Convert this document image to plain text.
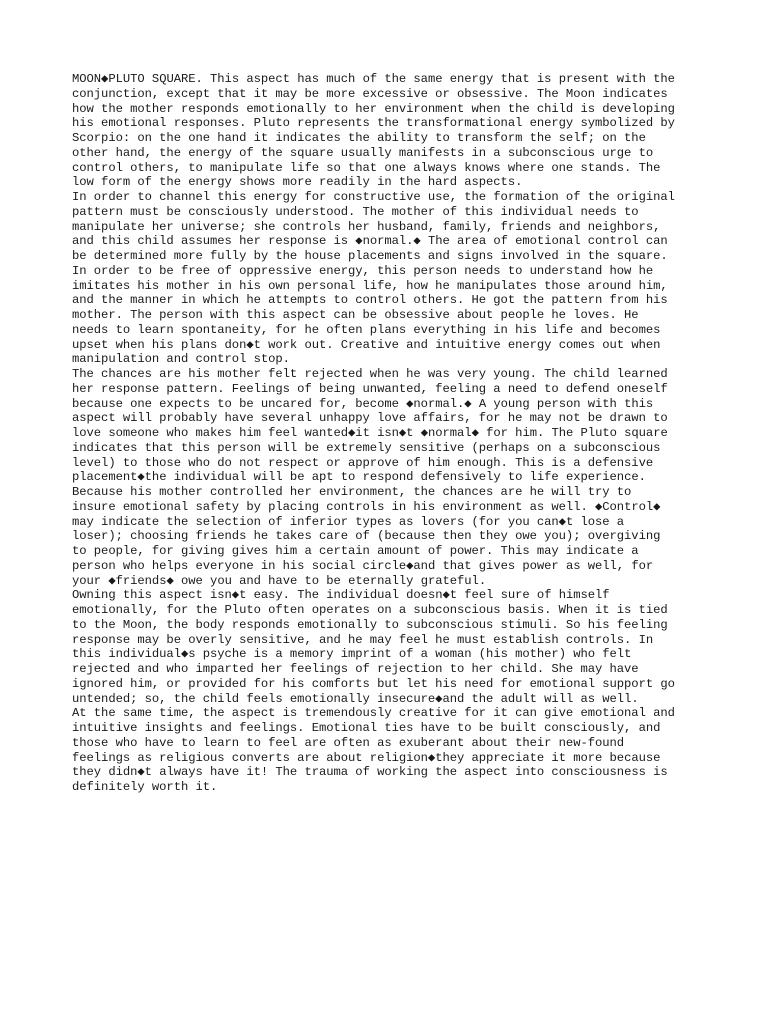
MOON◆PLUTO SQUARE. This aspect has much of the same energy that is present with the
conjunction, except that it may be more excessive or obsessive. The Moon indicates
how the mother responds emotionally to her environment when the child is developing
his emotional responses. Pluto represents the transformational energy symbolized by
Scorpio: on the one hand it indicates the ability to transform the self; on the
other hand, the energy of the square usually manifests in a subconscious urge to
control others, to manipulate life so that one always knows where one stands. The
low form of the energy shows more readily in the hard aspects.
In order to channel this energy for constructive use, the formation of the original
pattern must be consciously understood. The mother of this individual needs to
manipulate her universe; she controls her husband, family, friends and neighbors,
and this child assumes her response is ◆normal.◆ The area of emotional control can
be determined more fully by the house placements and signs involved in the square.
In order to be free of oppressive energy, this person needs to understand how he
imitates his mother in his own personal life, how he manipulates those around him,
and the manner in which he attempts to control others. He got the pattern from his
mother. The person with this aspect can be obsessive about people he loves. He
needs to learn spontaneity, for he often plans everything in his life and becomes
upset when his plans don◆t work out. Creative and intuitive energy comes out when
manipulation and control stop.
The chances are his mother felt rejected when he was very young. The child learned
her response pattern. Feelings of being unwanted, feeling a need to defend oneself
because one expects to be uncared for, become ◆normal.◆ A young person with this
aspect will probably have several unhappy love affairs, for he may not be drawn to
love someone who makes him feel wanted◆it isn◆t ◆normal◆ for him. The Pluto square
indicates that this person will be extremely sensitive (perhaps on a subconscious
level) to those who do not respect or approve of him enough. This is a defensive
placement◆the individual will be apt to respond defensively to life experience.
Because his mother controlled her environment, the chances are he will try to
insure emotional safety by placing controls in his environment as well. ◆Control◆
may indicate the selection of inferior types as lovers (for you can◆t lose a
loser); choosing friends he takes care of (because then they owe you); overgiving
to people, for giving gives him a certain amount of power. This may indicate a
person who helps everyone in his social circle◆and that gives power as well, for
your ◆friends◆ owe you and have to be eternally grateful.
Owning this aspect isn◆t easy. The individual doesn◆t feel sure of himself
emotionally, for the Pluto often operates on a subconscious basis. When it is tied
to the Moon, the body responds emotionally to subconscious stimuli. So his feeling
response may be overly sensitive, and he may feel he must establish controls. In
this individual◆s psyche is a memory imprint of a woman (his mother) who felt
rejected and who imparted her feelings of rejection to her child. She may have
ignored him, or provided for his comforts but let his need for emotional support go
untended; so, the child feels emotionally insecure◆and the adult will as well.
At the same time, the aspect is tremendously creative for it can give emotional and
intuitive insights and feelings. Emotional ties have to be built consciously, and
those who have to learn to feel are often as exuberant about their new-found
feelings as religious converts are about religion◆they appreciate it more because
they didn◆t always have it! The trauma of working the aspect into consciousness is
definitely worth it.
